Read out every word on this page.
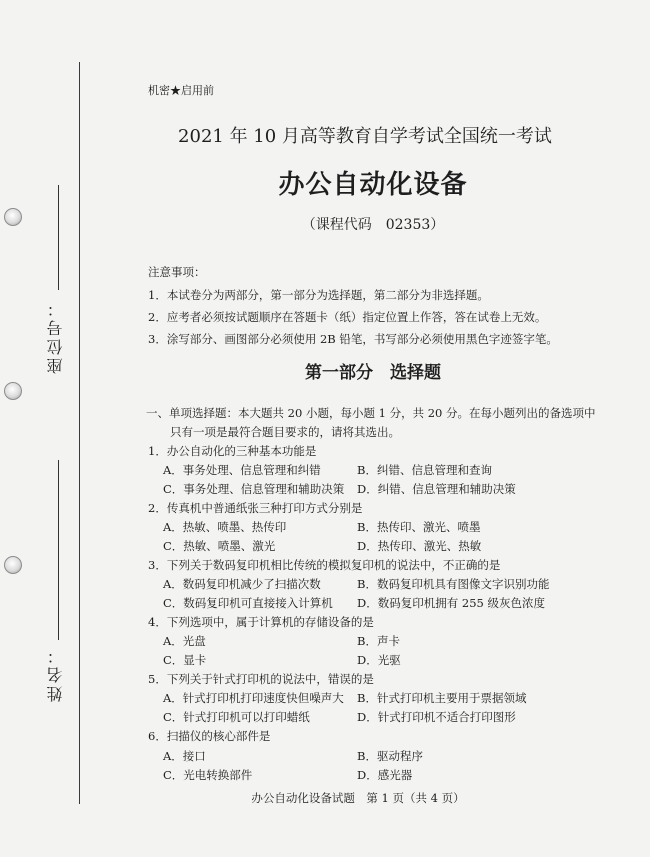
座位号：
姓名：
机密★启用前
2021 年 10 月高等教育自学考试全国统一考试
办公自动化设备
（课程代码　02353）
注意事项：
1．本试卷分为两部分，第一部分为选择题，第二部分为非选择题。
2．应考者必须按试题顺序在答题卡（纸）指定位置上作答，答在试卷上无效。
3．涂写部分、画图部分必须使用 2B 铅笔，书写部分必须使用黑色字迹签字笔。
第一部分　选择题
一、单项选择题：本大题共 20 小题，每小题 1 分，共 20 分。在每小题列出的备选项中
只有一项是最符合题目要求的，请将其选出。
1．办公自动化的三种基本功能是
A．事务处理、信息管理和纠错	B．纠错、信息管理和查询
C．事务处理、信息管理和辅助决策 D．纠错、信息管理和辅助决策
2．传真机中普通纸张三种打印方式分别是
A．热敏、喷墨、热传印	B．热传印、激光、喷墨
C．热敏、喷墨、激光	D．热传印、激光、热敏
3．下列关于数码复印机相比传统的模拟复印机的说法中，不正确的是
A．数码复印机减少了扫描次数	B．数码复印机具有图像文字识别功能
C．数码复印机可直接接入计算机 D．数码复印机拥有 255 级灰色浓度
4．下列选项中，属于计算机的存储设备的是
A．光盘	B．声卡
C．显卡	D．光驱
5．下列关于针式打印机的说法中，错误的是
A．针式打印机打印速度快但噪声大 B．针式打印机主要用于票据领域
C．针式打印机可以打印蜡纸	D．针式打印机不适合打印图形
6．扫描仪的核心部件是
A．接口	B．驱动程序
C．光电转换部件	D．感光器
办公自动化设备试题　第 1 页（共 4 页）
